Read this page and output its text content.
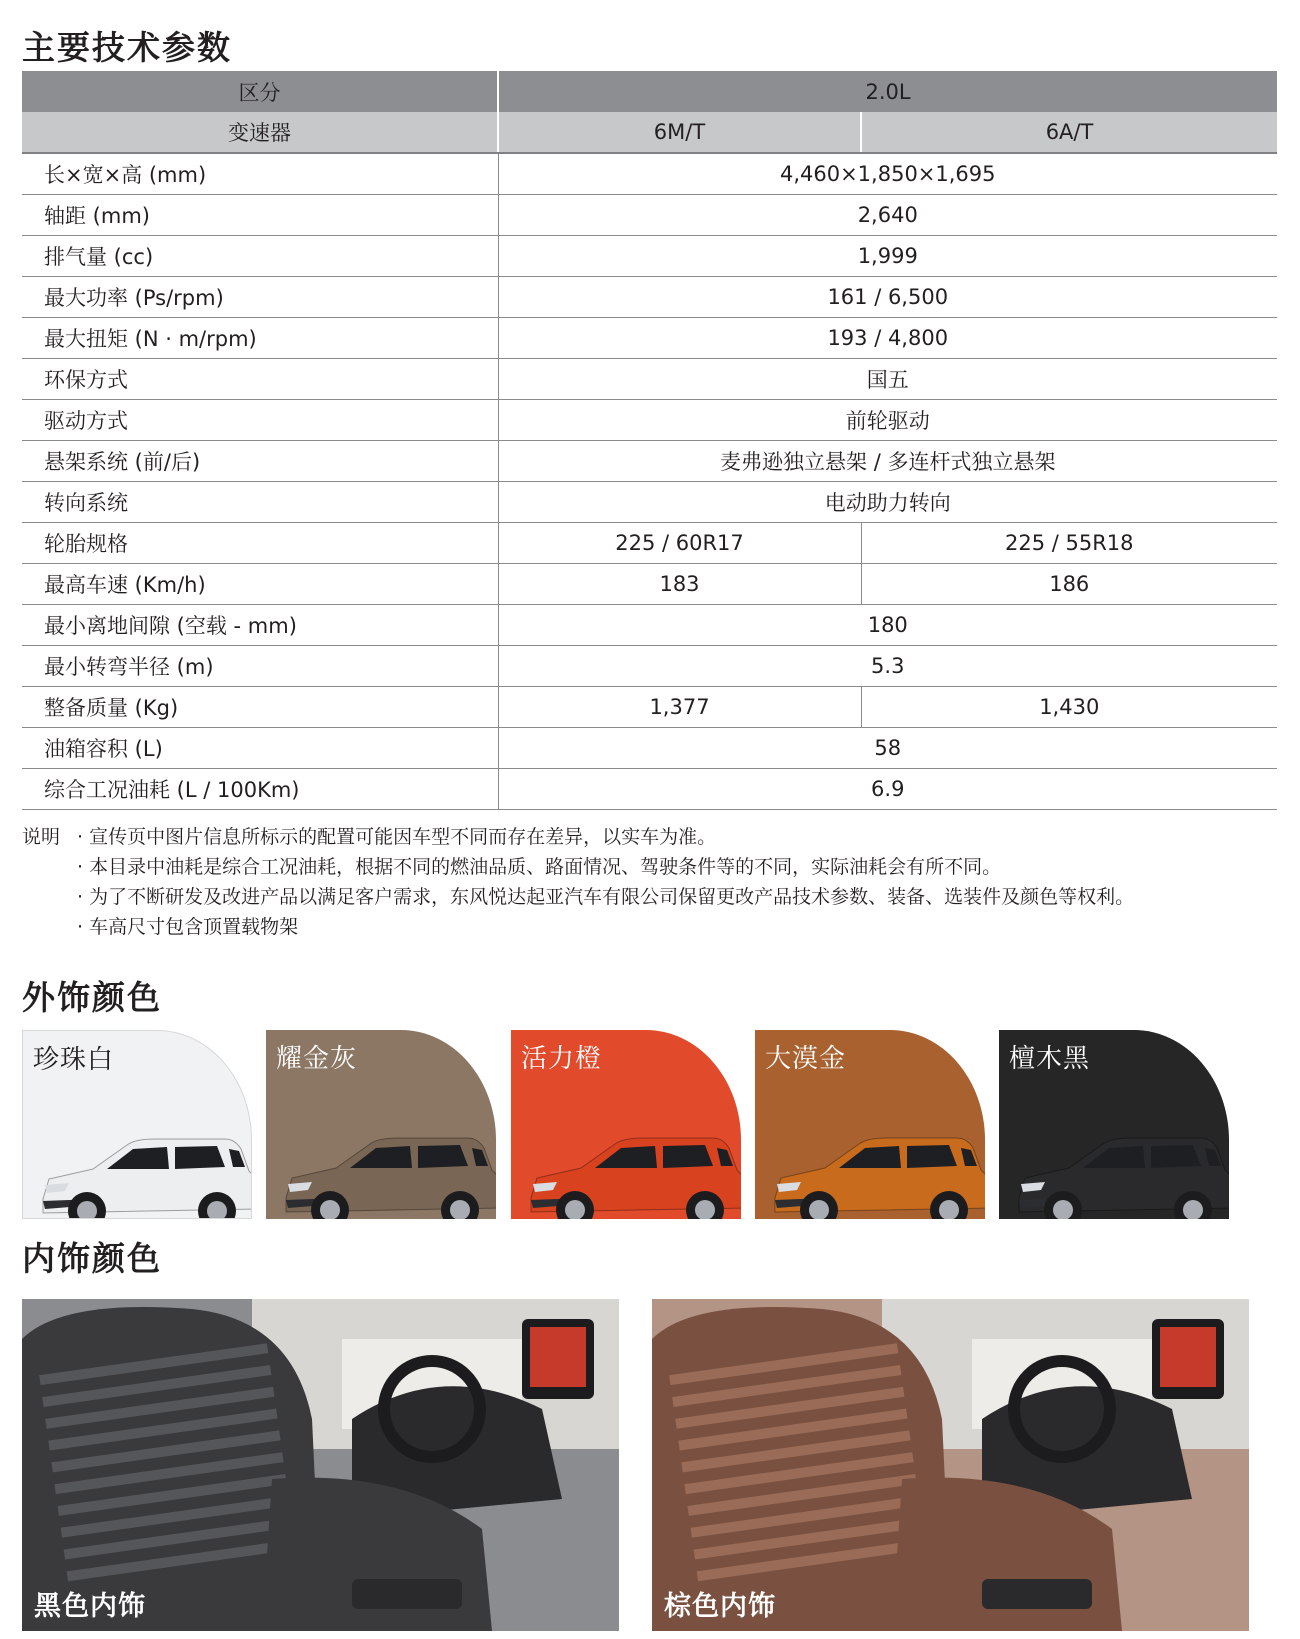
主要技术参数
区分	2.0L	
变速器	6M/T	6A/T
长×宽×高 (mm)	4,460×1,850×1,695	
轴距 (mm)	2,640	
排气量 (cc)	1,999	
最大功率 (Ps/rpm)	161 / 6,500	
最大扭矩 (N · m/rpm)	193 / 4,800	
环保方式	国五	
驱动方式	前轮驱动	
悬架系统 (前/后)	麦弗逊独立悬架 / 多连杆式独立悬架	
转向系统	电动助力转向	
轮胎规格	225 / 60R17	225 / 55R18
最高车速 (Km/h)	183	186
最小离地间隙 (空载 - mm)	180	
最小转弯半径 (m)	5.3	
整备质量 (Kg)	1,377	1,430
油箱容积 (L)	58	
综合工况油耗 (L / 100Km)	6.9	
说明 · 宣传页中图片信息所标示的配置可能因车型不同而存在差异，以实车为准。
· 本目录中油耗是综合工况油耗，根据不同的燃油品质、路面情况、驾驶条件等的不同，实际油耗会有所不同。
· 为了不断研发及改进产品以满足客户需求，东风悦达起亚汽车有限公司保留更改产品技术参数、装备、选装件及颜色等权利。
· 车高尺寸包含顶置载物架
外饰颜色
珍珠白	耀金灰	活力橙	大漠金	檀木黑
内饰颜色
黑色内饰	棕色内饰
